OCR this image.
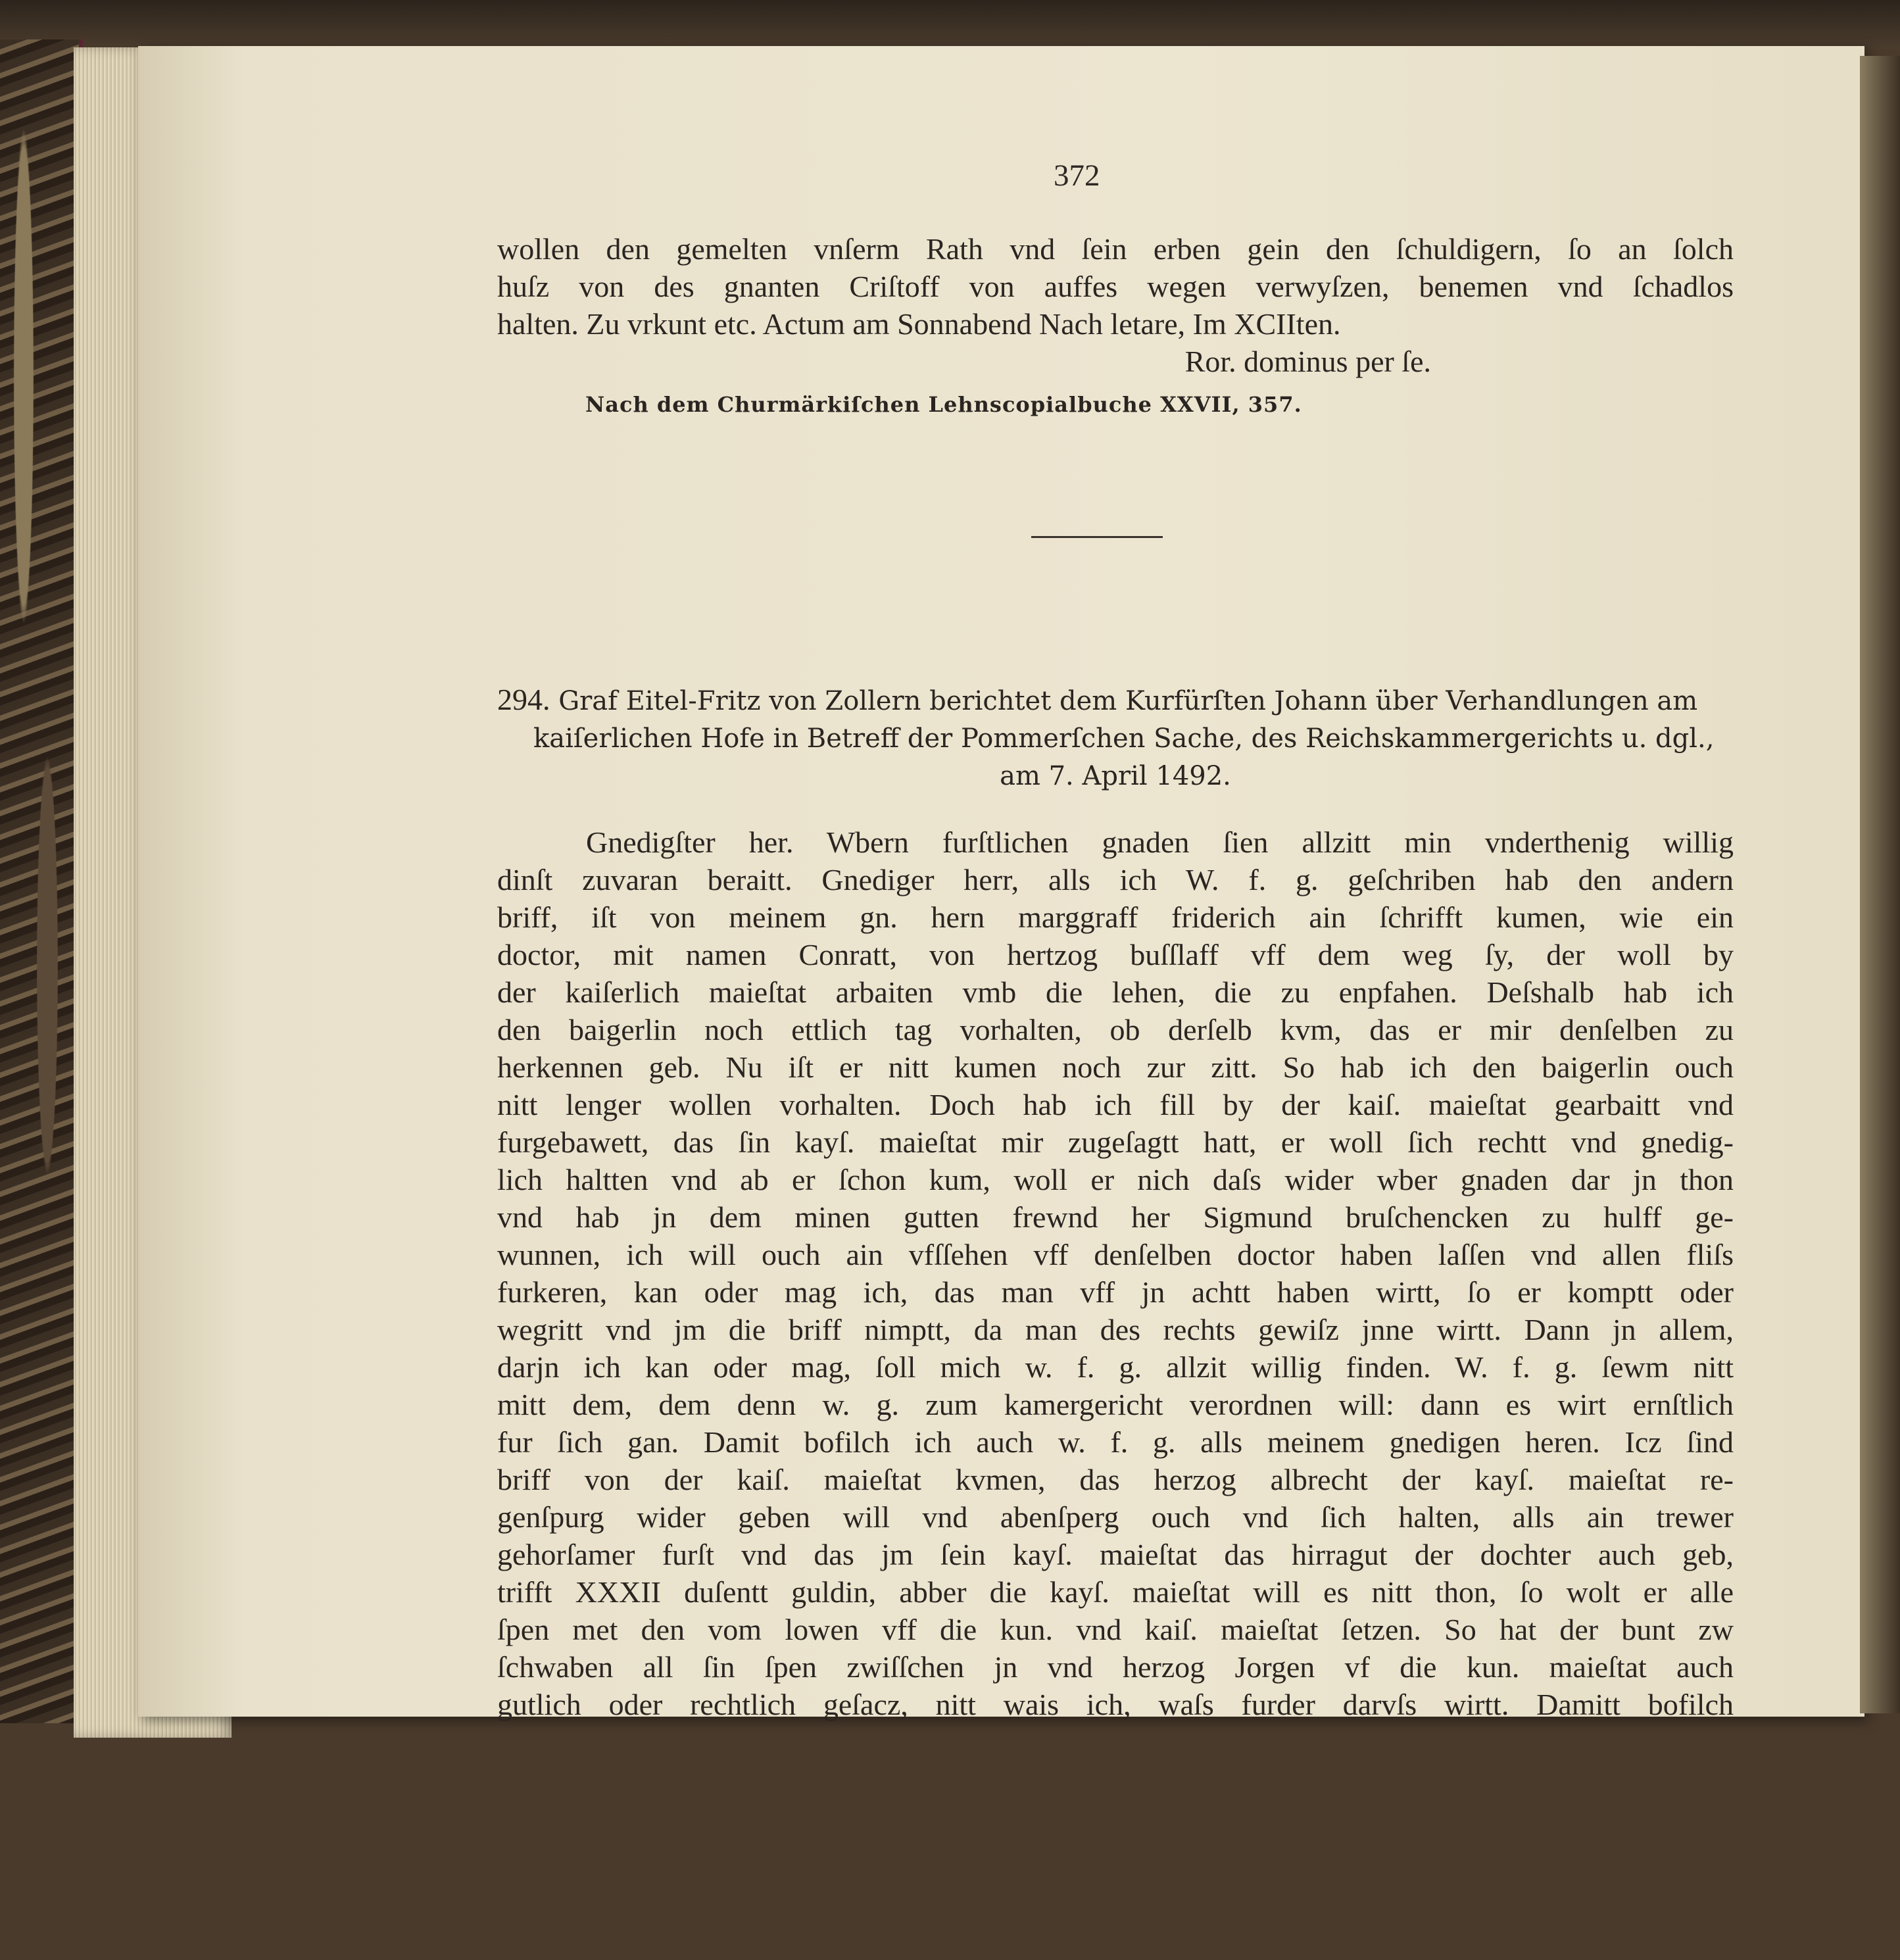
372
wollen den gemelten vnſerm Rath vnd ſein erben gein den ſchuldigern, ſo an ſolch
huſz von des gnanten Criſtoff von auffes wegen verwyſzen, benemen vnd ſchadlos
halten. Zu vrkunt etc. Actum am Sonnabend Nach letare, Im XCIIten.
Ror. dominus per ſe.
Nach dem Churmärkiſchen Lehnscopialbuche XXVII, 357.
294. Graf Eitel-Fritz von Zollern berichtet dem Kurfürſten Johann über Verhandlungen am
kaiſerlichen Hofe in Betreff der Pommerſchen Sache, des Reichskammergerichts u. dgl.,
am 7. April 1492.
Gnedigſter her. Wbern furſtlichen gnaden ſien allzitt min vnderthenig willig
dinſt zuvaran beraitt. Gnediger herr, alls ich W. f. g. geſchriben hab den andern
briff, iſt von meinem gn. hern marggraff friderich ain ſchrifft kumen, wie ein
doctor, mit namen Conratt, von hertzog buſſlaff vff dem weg ſy, der woll by
der kaiſerlich maieſtat arbaiten vmb die lehen, die zu enpfahen. Deſshalb hab ich
den baigerlin noch ettlich tag vorhalten, ob derſelb kvm, das er mir denſelben zu
herkennen geb. Nu iſt er nitt kumen noch zur zitt. So hab ich den baigerlin ouch
nitt lenger wollen vorhalten. Doch hab ich fill by der kaiſ. maieſtat gearbaitt vnd
furgebawett, das ſin kayſ. maieſtat mir zugeſagtt hatt, er woll ſich rechtt vnd gnedig-
lich haltten vnd ab er ſchon kum, woll er nich daſs wider wber gnaden dar jn thon
vnd hab jn dem minen gutten frewnd her Sigmund bruſchencken zu hulff ge-
wunnen, ich will ouch ain vfſſehen vff denſelben doctor haben laſſen vnd allen fliſs
furkeren, kan oder mag ich, das man vff jn achtt haben wirtt, ſo er komptt oder
wegritt vnd jm die briff nimptt, da man des rechts gewiſz jnne wirtt. Dann jn allem,
darjn ich kan oder mag, ſoll mich w. f. g. allzit willig finden. W. f. g. ſewm nitt
mitt dem, dem denn w. g. zum kamergericht verordnen will: dann es wirt ernſtlich
fur ſich gan. Damit bofilch ich auch w. f. g. alls meinem gnedigen heren. Icz ſind
briff von der kaiſ. maieſtat kvmen, das herzog albrecht der kayſ. maieſtat re-
genſpurg wider geben will vnd abenſperg ouch vnd ſich halten, alls ain trewer
gehorſamer furſt vnd das jm ſein kayſ. maieſtat das hirragut der dochter auch geb,
trifft XXXII duſentt guldin, abber die kayſ. maieſtat will es nitt thon, ſo wolt er alle
ſpen met den vom lowen vff die kun. vnd kaiſ. maieſtat ſetzen. So hat der bunt zw
ſchwaben all ſin ſpen zwiſſchen jn vnd herzog Jorgen vf die kun. maieſtat auch
gutlich oder rechtlich geſacz, nitt wais ich, waſs furder darvſs wirtt. Damitt bofilch
